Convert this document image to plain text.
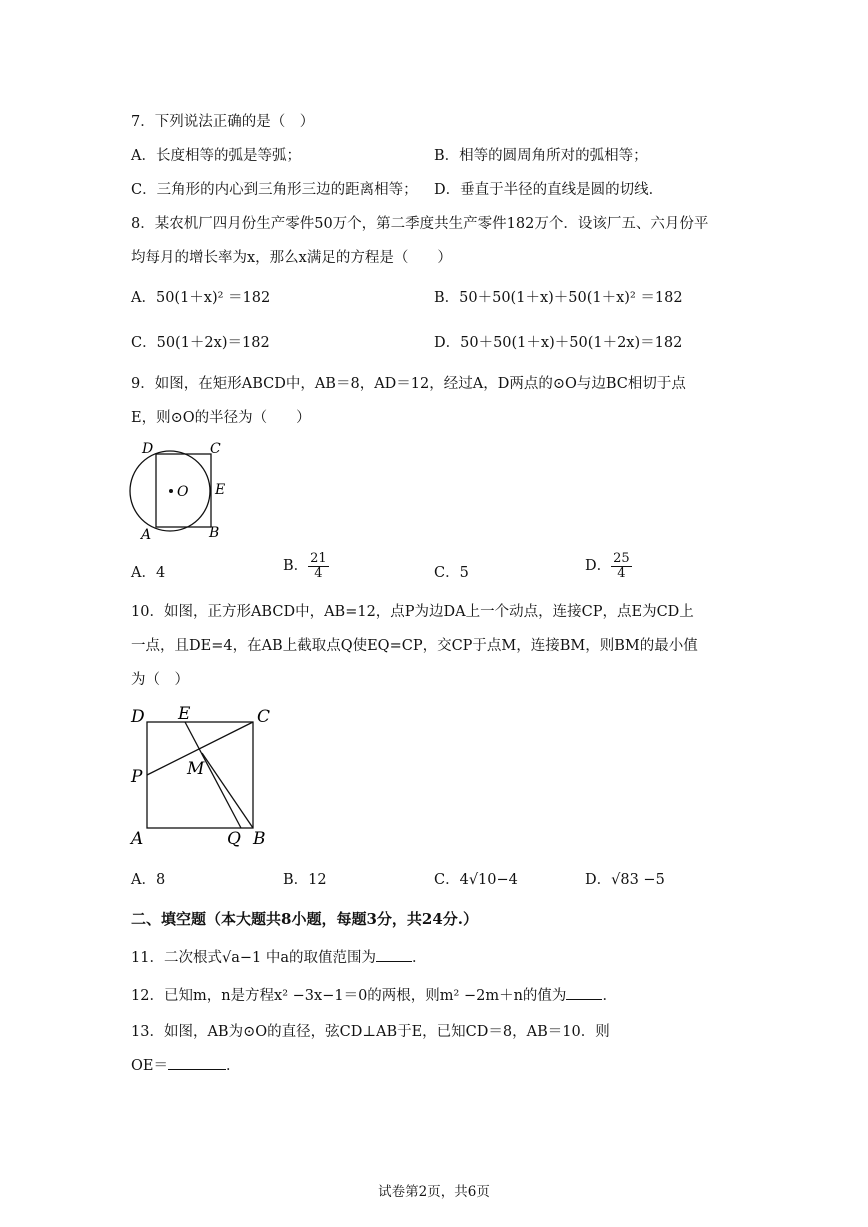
7．下列说法正确的是（　）
A．长度相等的弧是等弧；	B．相等的圆周角所对的弧相等；
C．三角形的内心到三角形三边的距离相等； D．垂直于半径的直线是圆的切线．
8．某农机厂四月份生产零件50万个，第二季度共生产零件182万个．设该厂五、六月份平
均每月的增长率为x，那么x满足的方程是（　　）
A．50(1＋x)² ＝182	B．50＋50(1＋x)＋50(1＋x)² ＝182
C．50(1＋2x)＝182	D．50＋50(1＋x)＋50(1＋2x)＝182
9．如图，在矩形ABCD中，AB＝8，AD＝12，经过A，D两点的⊙O与边BC相切于点
E，则⊙O的半径为（　　）
D	C
O E
A	B
A．4	B． $\frac{21}{4}$	C．5	D． $\frac{25}{4}$
10．如图，正方形ABCD中，AB=12，点P为边DA上一个动点，连接CP，点E为CD上
一点，且DE=4，在AB上截取点Q使EQ=CP，交CP于点M，连接BM，则BM的最小值
为（　）
D E	C
P	M
A	Q B
A．8	B．12	C．4√10−4	D．√83 −5
二、填空题（本大题共8小题，每题3分，共24分.）
11．二次根式√a−1 中a的取值范围为 ．
12．已知m，n是方程x² −3x−1＝0的两根，则m² −2m＋n的值为 ．
13．如图，AB为⊙O的直径，弦CD⊥AB于E，已知CD＝8，AB＝10．则
OE＝	．
试卷第2页，共6页
